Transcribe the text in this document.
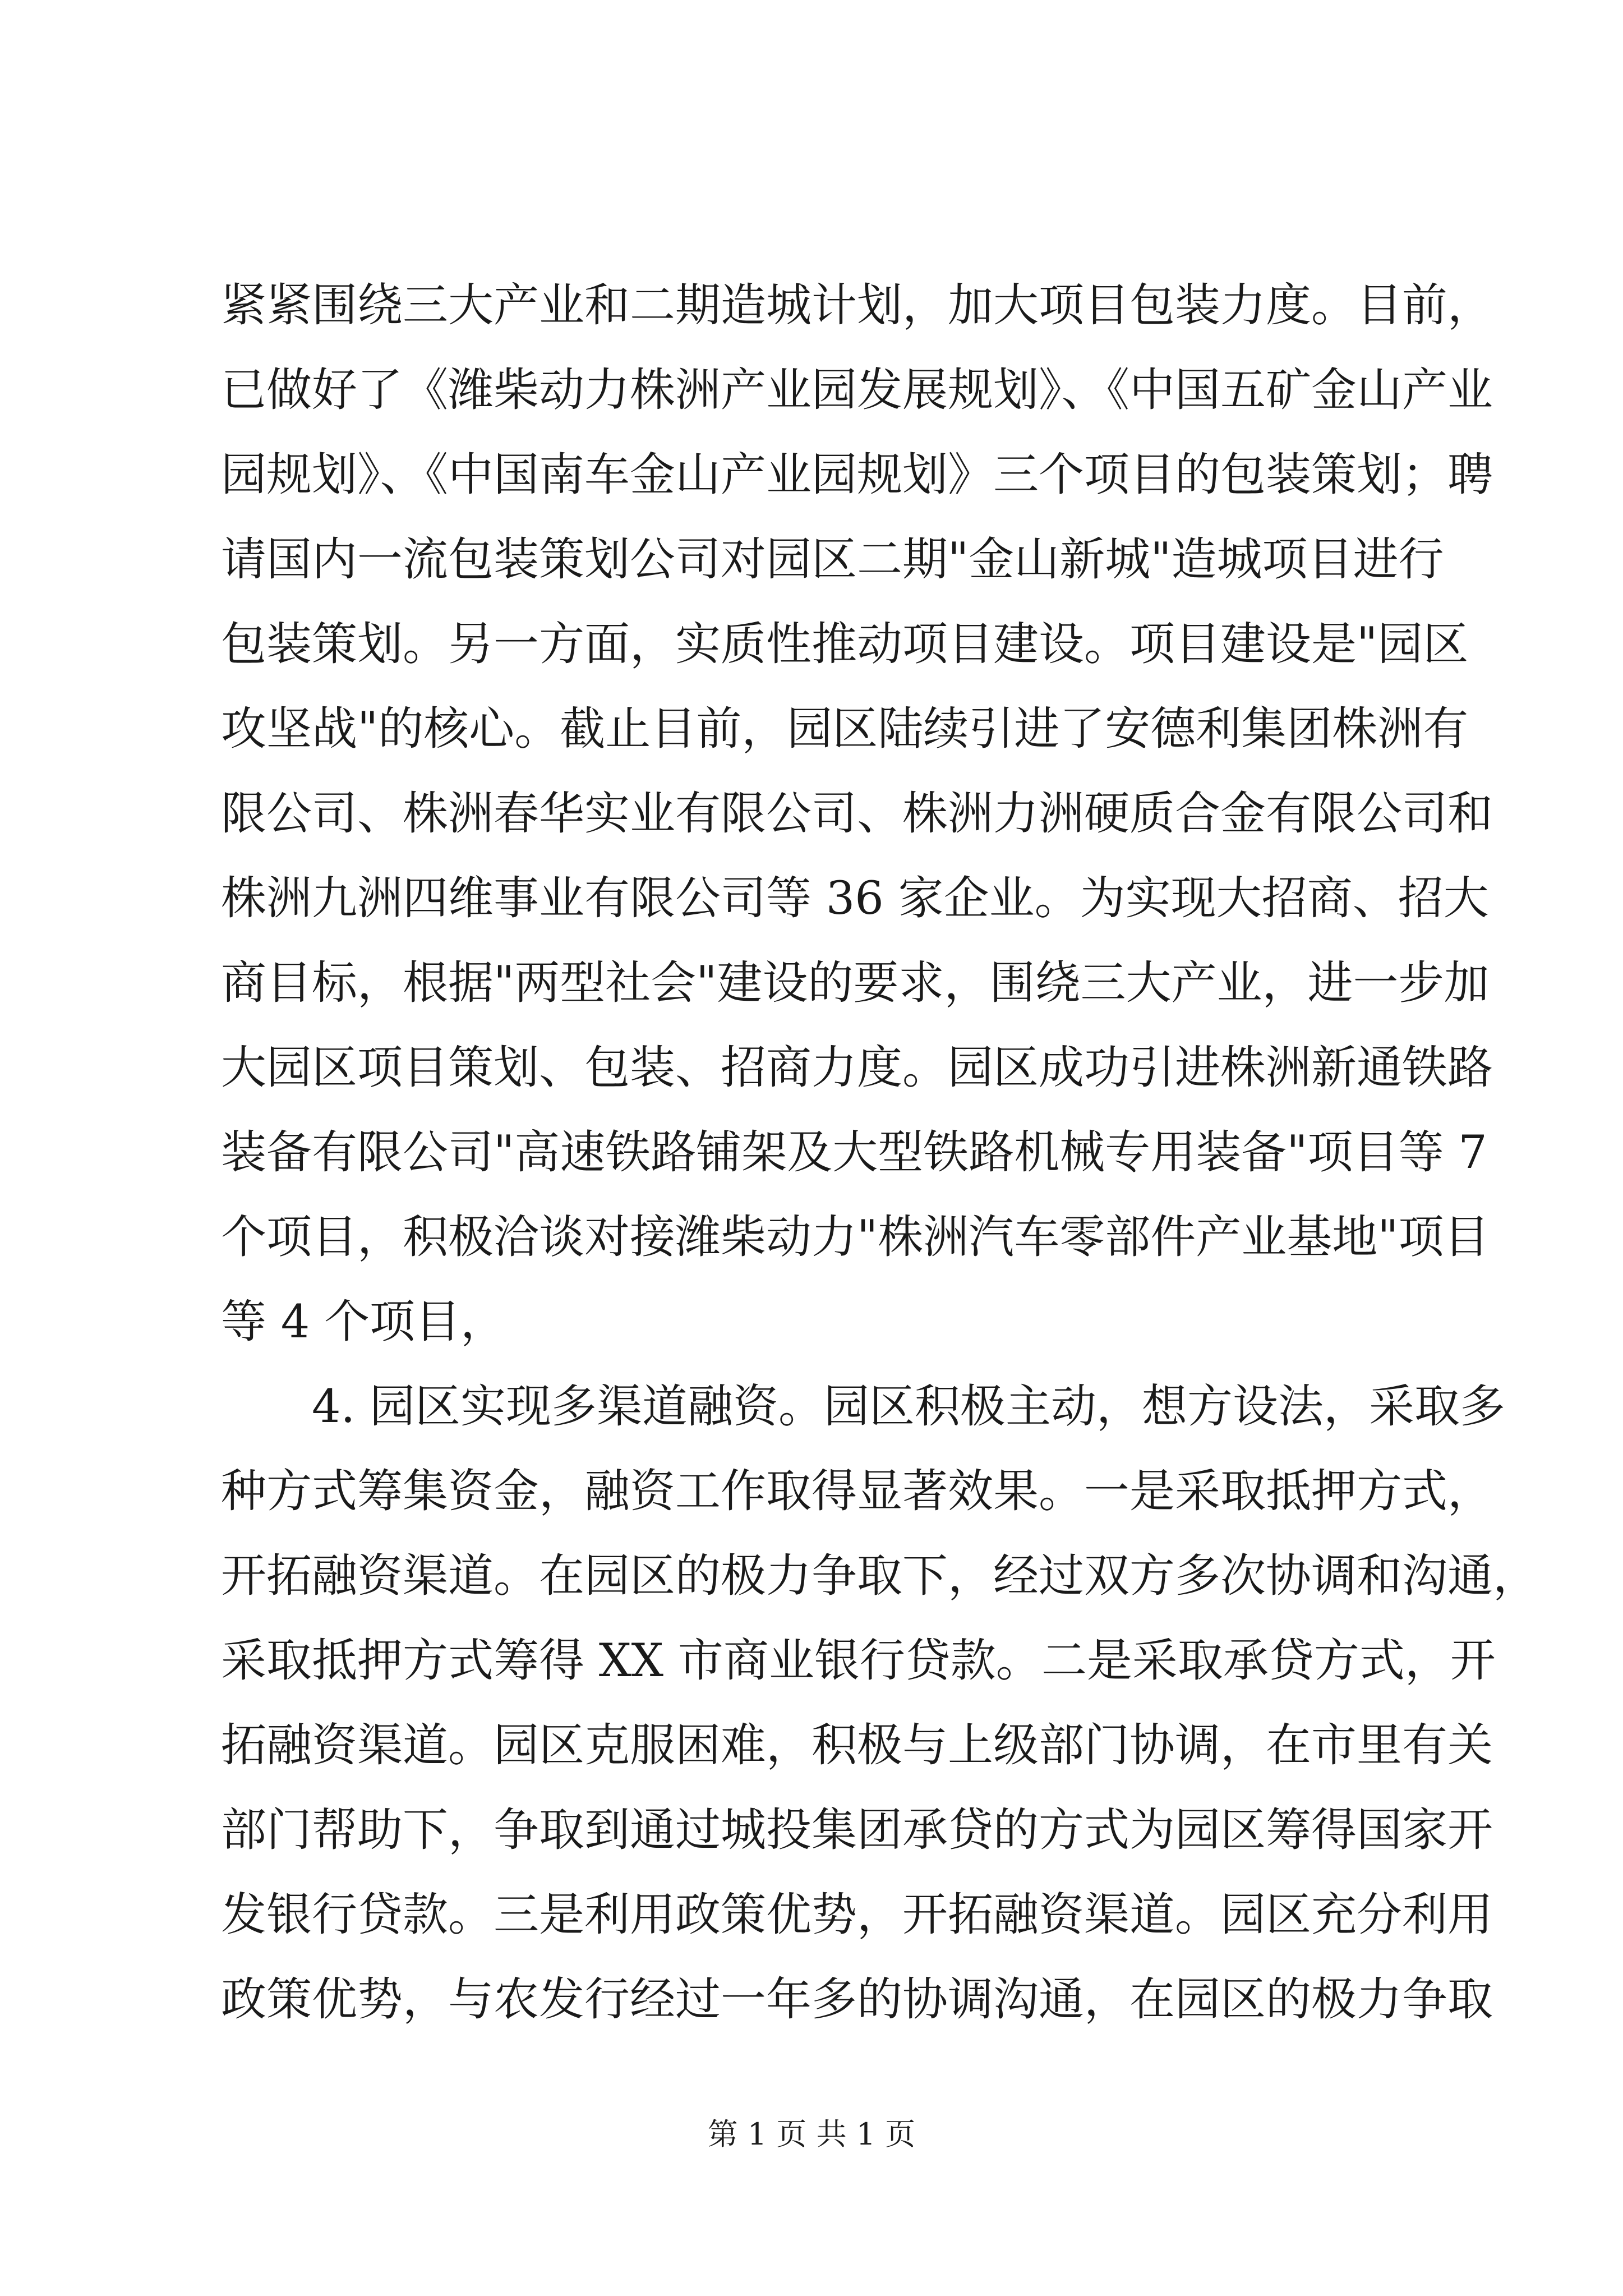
紧紧围绕三大产业和二期造城计划，加大项目包装力度。目前，
已做好了《潍柴动力株洲产业园发展规划》、《中国五矿金山产业
园规划》、《中国南车金山产业园规划》三个项目的包装策划；聘
请国内一流包装策划公司对园区二期"金山新城"造城项目进行
包装策划。另一方面，实质性推动项目建设。项目建设是"园区
攻坚战"的核心。截止目前，园区陆续引进了安德利集团株洲有
限公司、株洲春华实业有限公司、株洲力洲硬质合金有限公司和
株洲九洲四维事业有限公司等 36 家企业。为实现大招商、招大
商目标，根据"两型社会"建设的要求，围绕三大产业，进一步加
大园区项目策划、包装、招商力度。园区成功引进株洲新通铁路
装备有限公司"高速铁路铺架及大型铁路机械专用装备"项目等 7
个项目，积极洽谈对接潍柴动力"株洲汽车零部件产业基地"项目
等 4 个项目，
4. 园区实现多渠道融资。园区积极主动，想方设法，采取多
种方式筹集资金，融资工作取得显著效果。一是采取抵押方式，
开拓融资渠道。在园区的极力争取下，经过双方多次协调和沟通，
采取抵押方式筹得 XX 市商业银行贷款。二是采取承贷方式，开
拓融资渠道。园区克服困难，积极与上级部门协调，在市里有关
部门帮助下，争取到通过城投集团承贷的方式为园区筹得国家开
发银行贷款。三是利用政策优势，开拓融资渠道。园区充分利用
政策优势，与农发行经过一年多的协调沟通，在园区的极力争取
第 1 页 共 1 页
